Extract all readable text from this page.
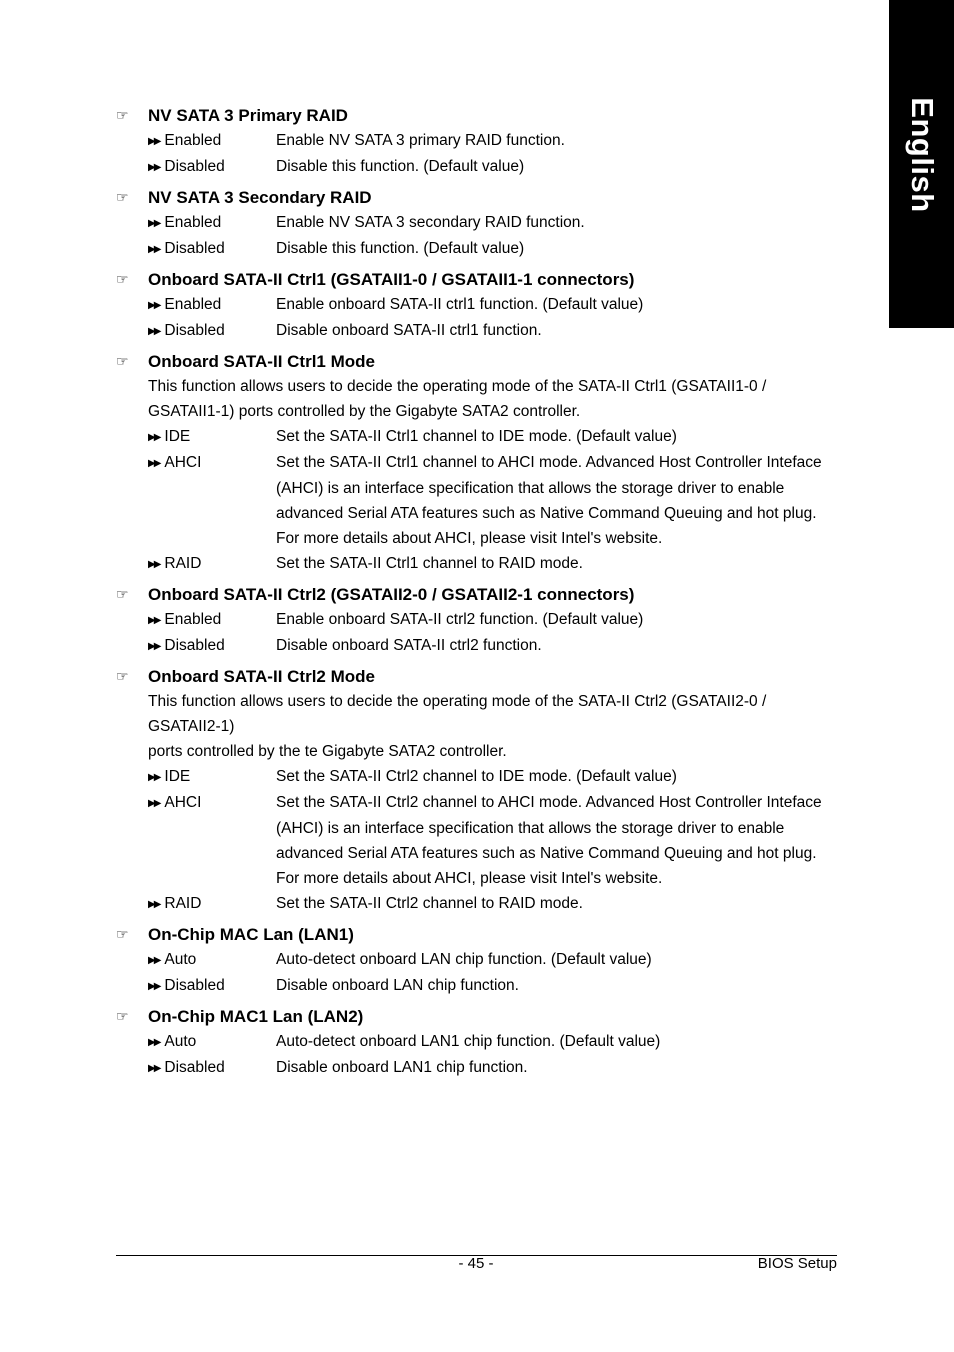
English
☞	NV SATA 3 Primary RAID
▶▶ Enabled	Enable NV SATA 3 primary RAID function.
▶▶ Disabled	Disable this function. (Default value)
☞	NV SATA 3 Secondary RAID
▶▶ Enabled	Enable NV SATA 3 secondary RAID function.
▶▶ Disabled	Disable this function. (Default value)
☞	Onboard SATA-II Ctrl1 (GSATAII1-0 / GSATAII1-1 connectors)
▶▶ Enabled	Enable onboard SATA-II ctrl1 function. (Default value)
▶▶ Disabled	Disable onboard SATA-II ctrl1 function.
☞	Onboard SATA-II Ctrl1 Mode
This function allows users to decide the operating mode of the SATA-II Ctrl1 (GSATAII1-0 /
GSATAII1-1) ports controlled by the Gigabyte SATA2 controller.
▶▶ IDE	Set the SATA-II Ctrl1 channel to IDE mode. (Default value)
▶▶ AHCI	Set the SATA-II Ctrl1 channel to AHCI mode. Advanced Host Controller Inteface
(AHCI) is an interface specification that allows the storage driver to enable
advanced Serial ATA features such as Native Command Queuing and hot plug.
For more details about AHCI, please visit Intel's website.
▶▶ RAID	Set the SATA-II Ctrl1 channel to RAID mode.
☞	Onboard SATA-II Ctrl2 (GSATAII2-0 / GSATAII2-1 connectors)
▶▶ Enabled	Enable onboard SATA-II ctrl2 function. (Default value)
▶▶ Disabled	Disable onboard SATA-II ctrl2 function.
☞	Onboard SATA-II Ctrl2 Mode
This function allows users to decide the operating mode of the SATA-II Ctrl2 (GSATAII2-0 /
GSATAII2-1)
ports controlled by the te Gigabyte SATA2 controller.
▶▶ IDE	Set the SATA-II Ctrl2 channel to IDE mode. (Default value)
▶▶ AHCI	Set the SATA-II Ctrl2 channel to AHCI mode. Advanced Host Controller Inteface
(AHCI) is an interface specification that allows the storage driver to enable
advanced Serial ATA features such as Native Command Queuing and hot plug.
For more details about AHCI, please visit Intel's website.
▶▶ RAID	Set the SATA-II Ctrl2 channel to RAID mode.
☞	On-Chip MAC Lan (LAN1)
▶▶ Auto	Auto-detect onboard LAN chip function. (Default value)
▶▶ Disabled	Disable onboard LAN chip function.
☞	On-Chip MAC1 Lan (LAN2)
▶▶ Auto	Auto-detect onboard LAN1 chip function. (Default value)
▶▶ Disabled	Disable onboard LAN1 chip function.
- 45 -	BIOS Setup
